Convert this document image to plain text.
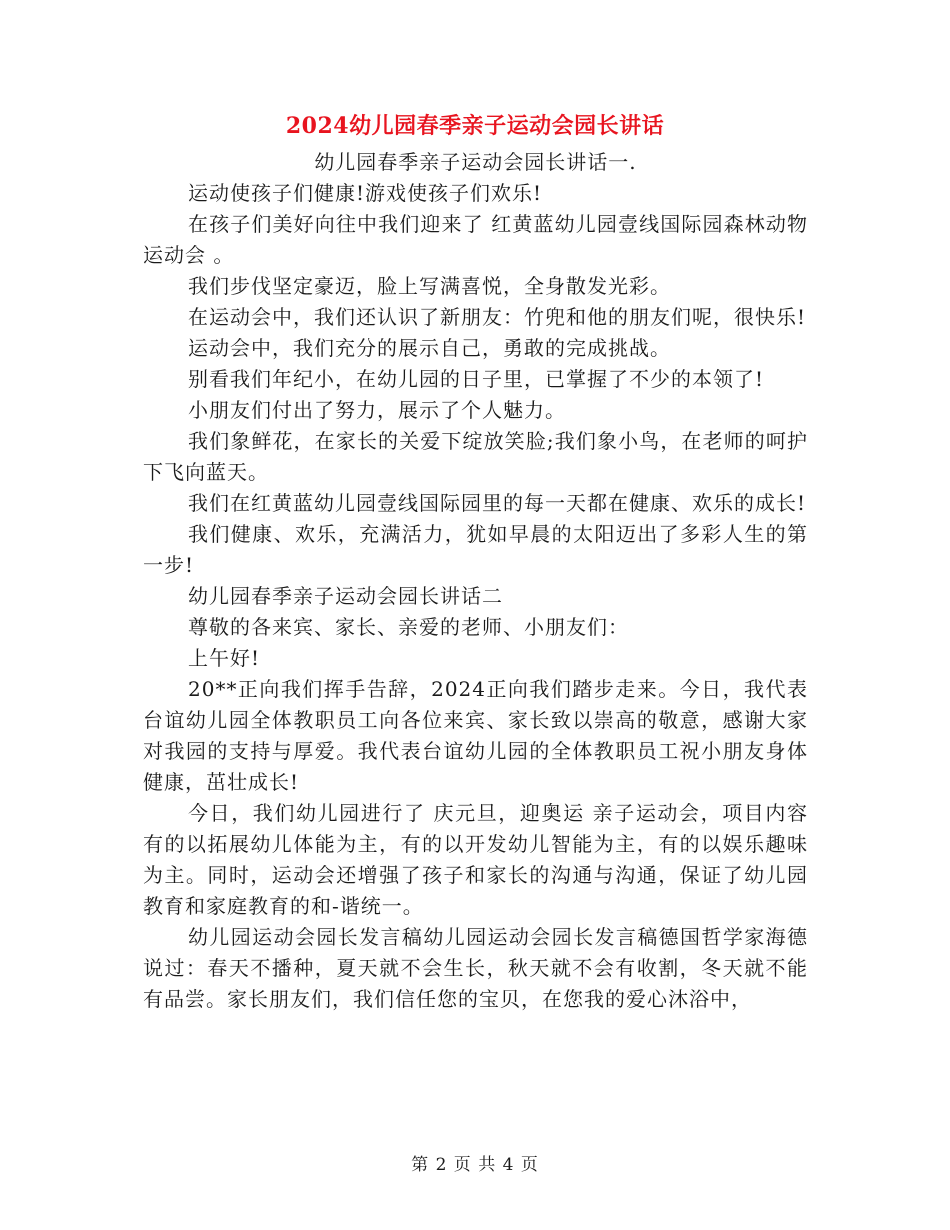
2024幼儿园春季亲子运动会园长讲话

幼儿园春季亲子运动会园长讲话一.

运动使孩子们健康!游戏使孩子们欢乐!

在孩子们美好向往中我们迎来了 红黄蓝幼儿园壹线国际园森林动物运动会 。

我们步伐坚定豪迈，脸上写满喜悦，全身散发光彩。

在运动会中，我们还认识了新朋友：竹兜和他的朋友们呢，很快乐!

运动会中，我们充分的展示自己，勇敢的完成挑战。

别看我们年纪小，在幼儿园的日子里，已掌握了不少的本领了!

小朋友们付出了努力，展示了个人魅力。

我们象鲜花，在家长的关爱下绽放笑脸;我们象小鸟，在老师的呵护下飞向蓝天。

我们在红黄蓝幼儿园壹线国际园里的每一天都在健康、欢乐的成长!

我们健康、欢乐，充满活力，犹如早晨的太阳迈出了多彩人生的第一步!

幼儿园春季亲子运动会园长讲话二

尊敬的各来宾、家长、亲爱的老师、小朋友们：

上午好!

20**正向我们挥手告辞，2024正向我们踏步走来。今日，我代表台谊幼儿园全体教职员工向各位来宾、家长致以崇高的敬意，感谢大家对我园的支持与厚爱。我代表台谊幼儿园的全体教职员工祝小朋友身体健康，茁壮成长!

今日，我们幼儿园进行了 庆元旦，迎奥运 亲子运动会，项目内容有的以拓展幼儿体能为主，有的以开发幼儿智能为主，有的以娱乐趣味为主。同时，运动会还增强了孩子和家长的沟通与沟通，保证了幼儿园教育和家庭教育的和-谐统一。

幼儿园运动会园长发言稿幼儿园运动会园长发言稿德国哲学家海德说过：春天不播种，夏天就不会生长，秋天就不会有收割，冬天就不能有品尝。家长朋友们，我们信任您的宝贝，在您我的爱心沐浴中，

第 2 页 共 4 页
